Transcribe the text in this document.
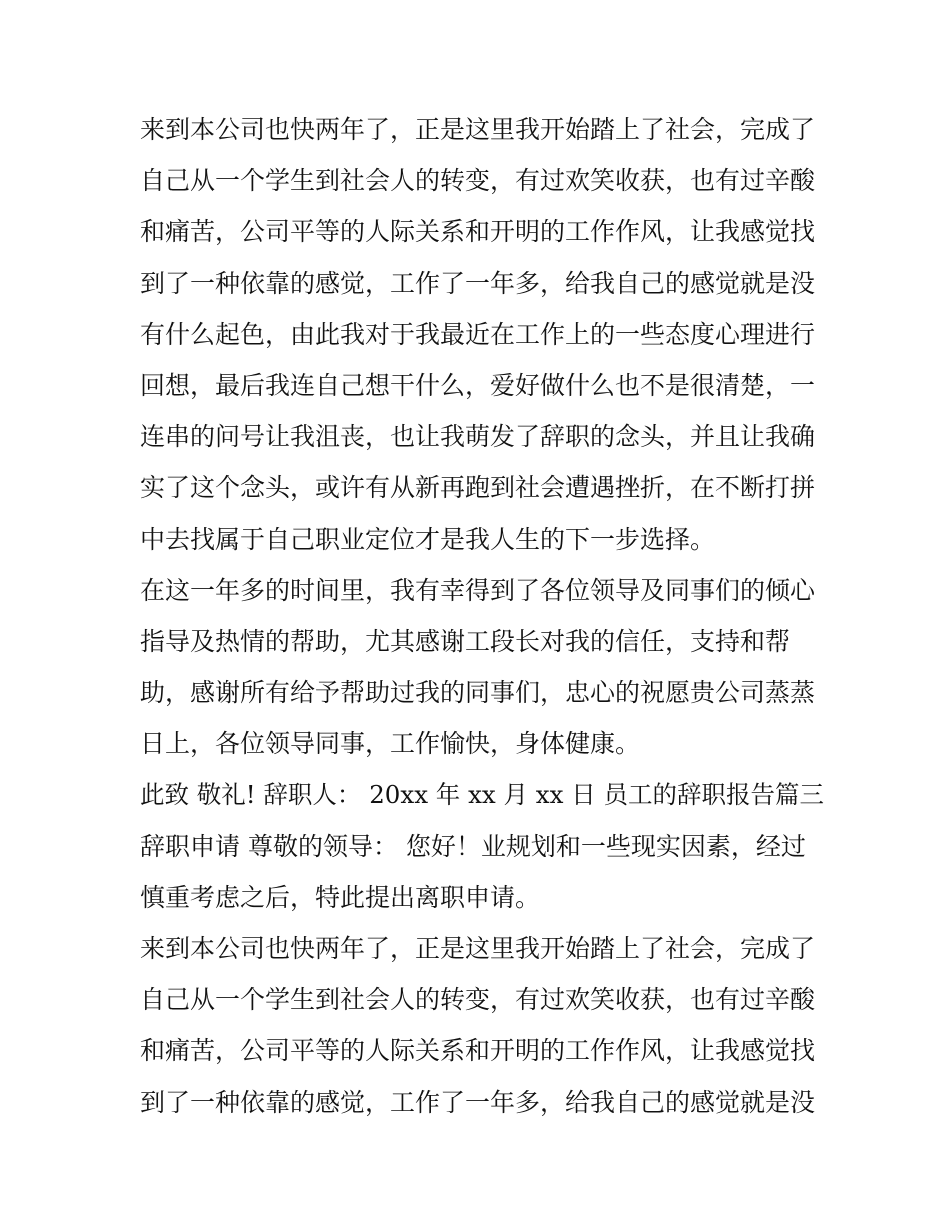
来到本公司也快两年了，正是这里我开始踏上了社会，完成了
自己从一个学生到社会人的转变，有过欢笑收获，也有过辛酸
和痛苦，公司平等的人际关系和开明的工作作风，让我感觉找
到了一种依靠的感觉，工作了一年多，给我自己的感觉就是没
有什么起色，由此我对于我最近在工作上的一些态度心理进行
回想，最后我连自己想干什么，爱好做什么也不是很清楚，一
连串的问号让我沮丧，也让我萌发了辞职的念头，并且让我确
实了这个念头，或许有从新再跑到社会遭遇挫折，在不断打拼
中去找属于自己职业定位才是我人生的下一步选择。
在这一年多的时间里，我有幸得到了各位领导及同事们的倾心
指导及热情的帮助，尤其感谢工段长对我的信任，支持和帮
助，感谢所有给予帮助过我的同事们，忠心的祝愿贵公司蒸蒸
日上，各位领导同事，工作愉快，身体健康。
此致 敬礼! 辞职人： 20xx 年 xx 月 xx 日 员工的辞职报告篇三
辞职申请 尊敬的领导： 您好！业规划和一些现实因素，经过
慎重考虑之后，特此提出离职申请。
来到本公司也快两年了，正是这里我开始踏上了社会，完成了
自己从一个学生到社会人的转变，有过欢笑收获，也有过辛酸
和痛苦，公司平等的人际关系和开明的工作作风，让我感觉找
到了一种依靠的感觉，工作了一年多，给我自己的感觉就是没
